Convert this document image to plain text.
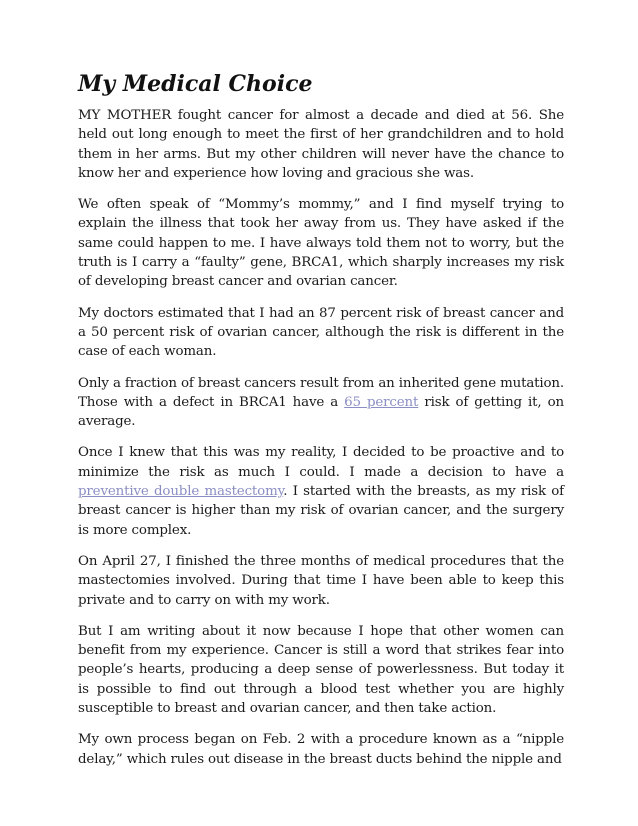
My Medical Choice

MY MOTHER fought cancer for almost a decade and died at 56. She held out long enough to meet the first of her grandchildren and to hold them in her arms. But my other children will never have the chance to know her and experience how loving and gracious she was.

We often speak of “Mommy’s mommy,” and I find myself trying to explain the illness that took her away from us. They have asked if the same could happen to me. I have always told them not to worry, but the truth is I carry a “faulty” gene, BRCA1, which sharply increases my risk of developing breast cancer and ovarian cancer.

My doctors estimated that I had an 87 percent risk of breast cancer and a 50 percent risk of ovarian cancer, although the risk is different in the case of each woman.

Only a fraction of breast cancers result from an inherited gene mutation. Those with a defect in BRCA1 have a 65 percent risk of getting it, on average.

Once I knew that this was my reality, I decided to be proactive and to minimize the risk as much I could. I made a decision to have a preventive double mastectomy. I started with the breasts, as my risk of breast cancer is higher than my risk of ovarian cancer, and the surgery is more complex.

On April 27, I finished the three months of medical procedures that the mastectomies involved. During that time I have been able to keep this private and to carry on with my work.

But I am writing about it now because I hope that other women can benefit from my experience. Cancer is still a word that strikes fear into people’s hearts, producing a deep sense of powerlessness. But today it is possible to find out through a blood test whether you are highly susceptible to breast and ovarian cancer, and then take action.

My own process began on Feb. 2 with a procedure known as a “nipple delay,” which rules out disease in the breast ducts behind the nipple and
